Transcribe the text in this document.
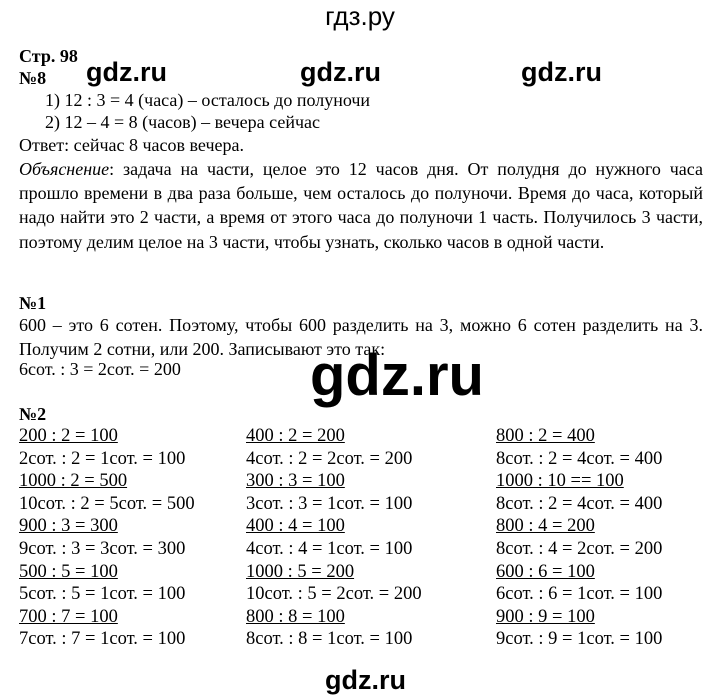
гдз.ру
gdz.ru	gdz.ru	gdz.ru
gdz.ru
gdz.ru
Стр. 98
№8
1) 12 : 3 = 4 (часа) – осталось до полуночи
2) 12 – 4 = 8 (часов) – вечера сейчас
Ответ: сейчас 8 часов вечера.
Объяснение: задача на части, целое это 12 часов дня. От полудня до нужного часа прошло времени в два раза больше, чем осталось до полуночи. Время до часа, который надо найти это 2 части, а время от этого часа до полуночи 1 часть. Получилось 3 части, поэтому делим целое на 3 части, чтобы узнать, сколько часов в одной части.
№1
600 – это 6 сотен. Поэтому, чтобы 600 разделить на 3, можно 6 сотен разделить на 3. Получим 2 сотни, или 200. Записывают это так:
6сот. : 3 = 2сот. = 200
№2
200 : 2 = 100
2сот. : 2 = 1сот. = 100
1000 : 2 = 500
10сот. : 2 = 5сот. = 500
900 : 3 = 300
9сот. : 3 = 3сот. = 300
500 : 5 = 100
5сот. : 5 = 1сот. = 100
700 : 7 = 100
7сот. : 7 = 1сот. = 100
400 : 2 = 200
4сот. : 2 = 2сот. = 200
300 : 3 = 100
3сот. : 3 = 1сот. = 100
400 : 4 = 100
4сот. : 4 = 1сот. = 100
1000 : 5 = 200
10сот. : 5 = 2сот. = 200
800 : 8 = 100
8сот. : 8 = 1сот. = 100
800 : 2 = 400
8сот. : 2 = 4сот. = 400
1000 : 10 == 100
8сот. : 2 = 4сот. = 400
800 : 4 = 200
8сот. : 4 = 2сот. = 200
600 : 6 = 100
6сот. : 6 = 1сот. = 100
900 : 9 = 100
9сот. : 9 = 1сот. = 100
